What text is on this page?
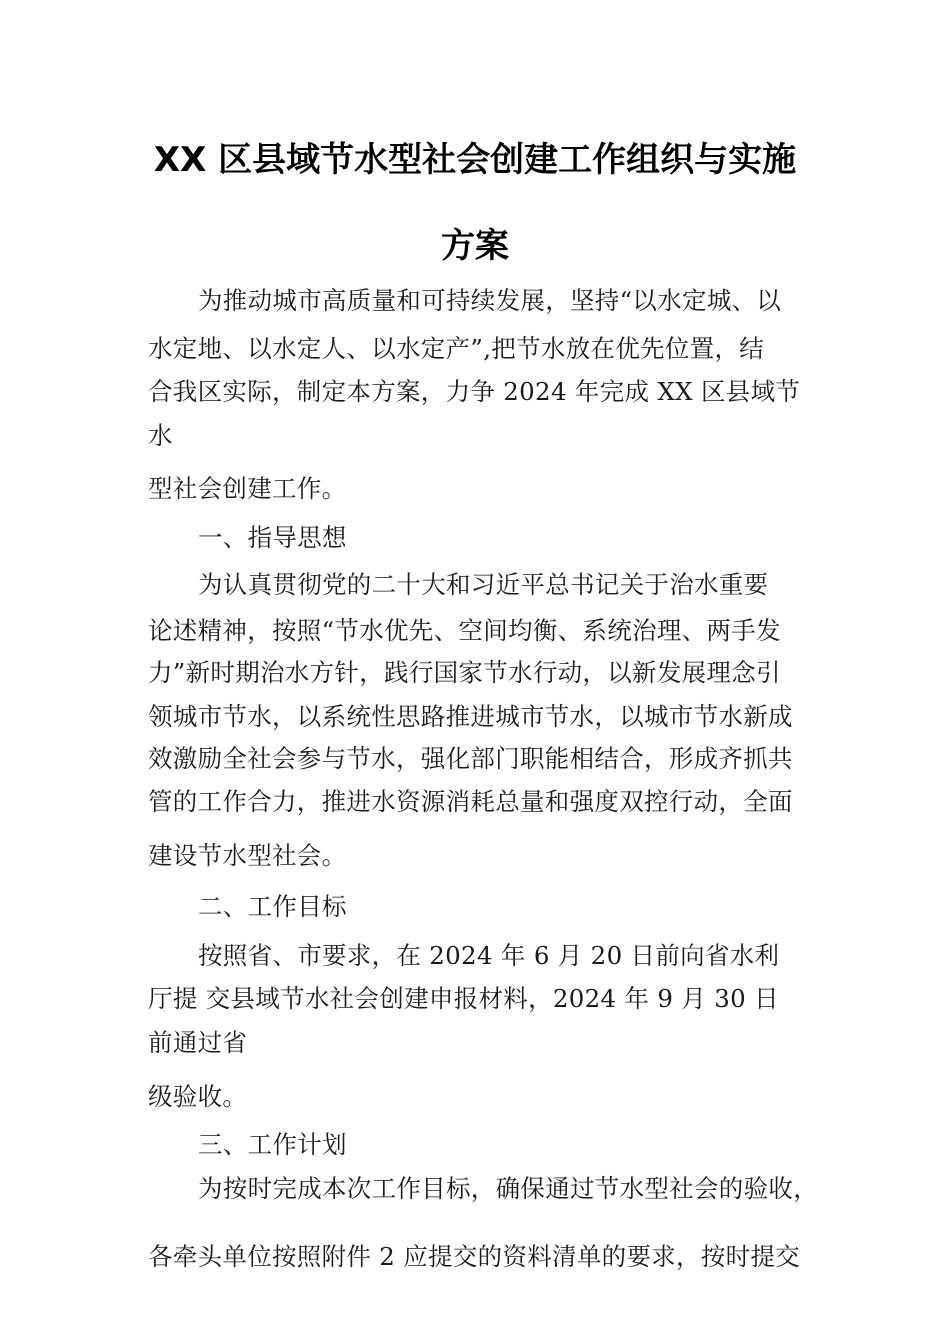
XX 区县域节水型社会创建工作组织与实施
方案
为推动城市高质量和可持续发展，坚持“以水定城、以
水定地、以水定人、以水定产”,把节水放在优先位置，结
合我区实际，制定本方案，力争 2024 年完成 XX 区县域节
水
型社会创建工作。
一、指导思想
为认真贯彻党的二十大和习近平总书记关于治水重要
论述精神，按照“节水优先、空间均衡、系统治理、两手发
力”新时期治水方针，践行国家节水行动，以新发展理念引
领城市节水，以系统性思路推进城市节水，以城市节水新成
效激励全社会参与节水，强化部门职能相结合，形成齐抓共
管的工作合力，推进水资源消耗总量和强度双控行动，全面
建设节水型社会。
二、工作目标
按照省、市要求，在 2024 年 6 月 20 日前向省水利
厅提 交县域节水社会创建申报材料，2024 年 9 月 30 日
前通过省
级验收。
三、工作计划
为按时完成本次工作目标，确保通过节水型社会的验收，
各牵头单位按照附件 2 应提交的资料清单的要求，按时提交
